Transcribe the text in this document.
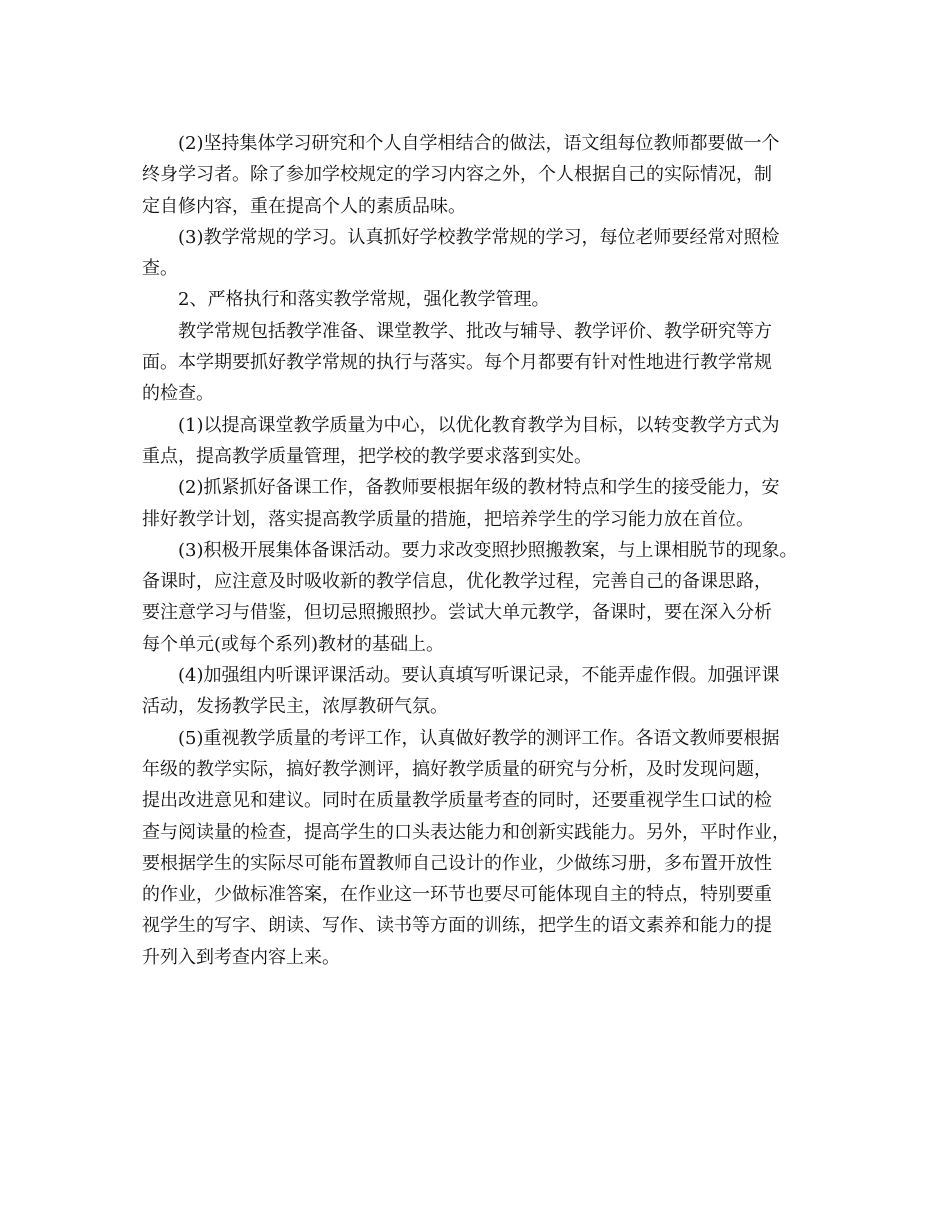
(2)坚持集体学习研究和个人自学相结合的做法，语文组每位教师都要做一个
终身学习者。除了参加学校规定的学习内容之外，个人根据自己的实际情况，制
定自修内容，重在提高个人的素质品味。
(3)教学常规的学习。认真抓好学校教学常规的学习，每位老师要经常对照检
查。
2、严格执行和落实教学常规，强化教学管理。
教学常规包括教学准备、课堂教学、批改与辅导、教学评价、教学研究等方
面。本学期要抓好教学常规的执行与落实。每个月都要有针对性地进行教学常规
的检查。
(1)以提高课堂教学质量为中心，以优化教育教学为目标，以转变教学方式为
重点，提高教学质量管理，把学校的教学要求落到实处。
(2)抓紧抓好备课工作，备教师要根据年级的教材特点和学生的接受能力，安
排好教学计划，落实提高教学质量的措施，把培养学生的学习能力放在首位。
(3)积极开展集体备课活动。要力求改变照抄照搬教案，与上课相脱节的现象。
备课时，应注意及时吸收新的教学信息，优化教学过程，完善自己的备课思路，
要注意学习与借鉴，但切忌照搬照抄。尝试大单元教学，备课时，要在深入分析
每个单元(或每个系列)教材的基础上。
(4)加强组内听课评课活动。要认真填写听课记录，不能弄虚作假。加强评课
活动，发扬教学民主，浓厚教研气氛。
(5)重视教学质量的考评工作，认真做好教学的测评工作。各语文教师要根据
年级的教学实际，搞好教学测评，搞好教学质量的研究与分析，及时发现问题，
提出改进意见和建议。同时在质量教学质量考查的同时，还要重视学生口试的检
查与阅读量的检查，提高学生的口头表达能力和创新实践能力。另外，平时作业，
要根据学生的实际尽可能布置教师自己设计的作业，少做练习册，多布置开放性
的作业，少做标准答案，在作业这一环节也要尽可能体现自主的特点，特别要重
视学生的写字、朗读、写作、读书等方面的训练，把学生的语文素养和能力的提
升列入到考查内容上来。
